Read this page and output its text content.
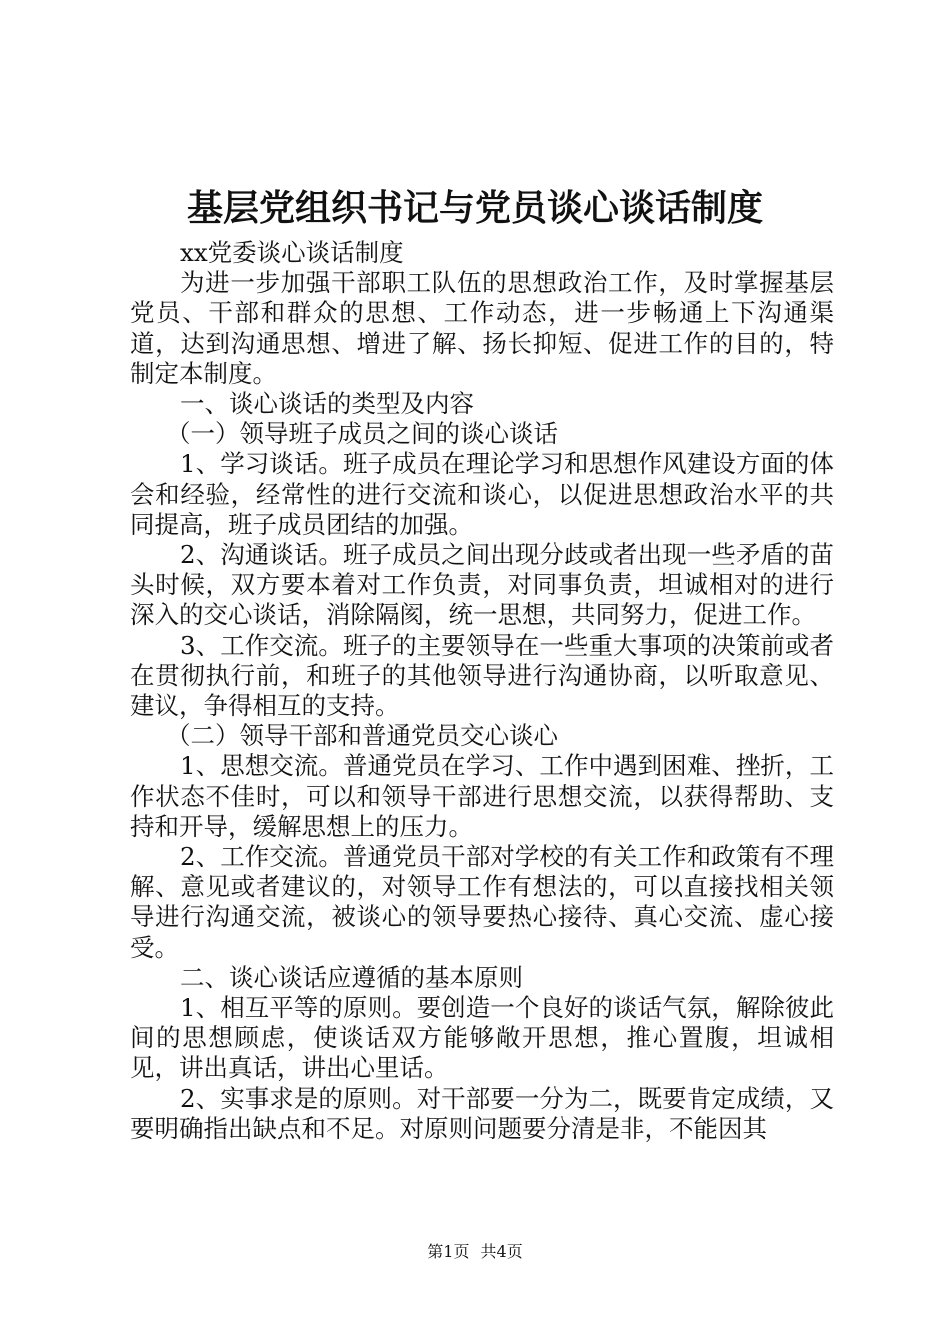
基层党组织书记与党员谈心谈话制度

xx党委谈心谈话制度

为进一步加强干部职工队伍的思想政治工作，及时掌握基层党员、干部和群众的思想、工作动态，进一步畅通上下沟通渠道，达到沟通思想、增进了解、扬长抑短、促进工作的目的，特制定本制度。

一、谈心谈话的类型及内容

（一）领导班子成员之间的谈心谈话

1、学习谈话。班子成员在理论学习和思想作风建设方面的体会和经验，经常性的进行交流和谈心，以促进思想政治水平的共同提高，班子成员团结的加强。

2、沟通谈话。班子成员之间出现分歧或者出现一些矛盾的苗头时候，双方要本着对工作负责，对同事负责，坦诚相对的进行深入的交心谈话，消除隔阂，统一思想，共同努力，促进工作。

3、工作交流。班子的主要领导在一些重大事项的决策前或者在贯彻执行前，和班子的其他领导进行沟通协商，以听取意见、建议，争得相互的支持。

（二）领导干部和普通党员交心谈心

1、思想交流。普通党员在学习、工作中遇到困难、挫折，工作状态不佳时，可以和领导干部进行思想交流，以获得帮助、支持和开导，缓解思想上的压力。

2、工作交流。普通党员干部对学校的有关工作和政策有不理解、意见或者建议的，对领导工作有想法的，可以直接找相关领导进行沟通交流，被谈心的领导要热心接待、真心交流、虚心接受。

二、谈心谈话应遵循的基本原则

1、相互平等的原则。要创造一个良好的谈话气氛，解除彼此间的思想顾虑，使谈话双方能够敞开思想，推心置腹，坦诚相见，讲出真话，讲出心里话。

2、实事求是的原则。对干部要一分为二，既要肯定成绩，又要明确指出缺点和不足。对原则问题要分清是非，不能因其

第1页 共4页
